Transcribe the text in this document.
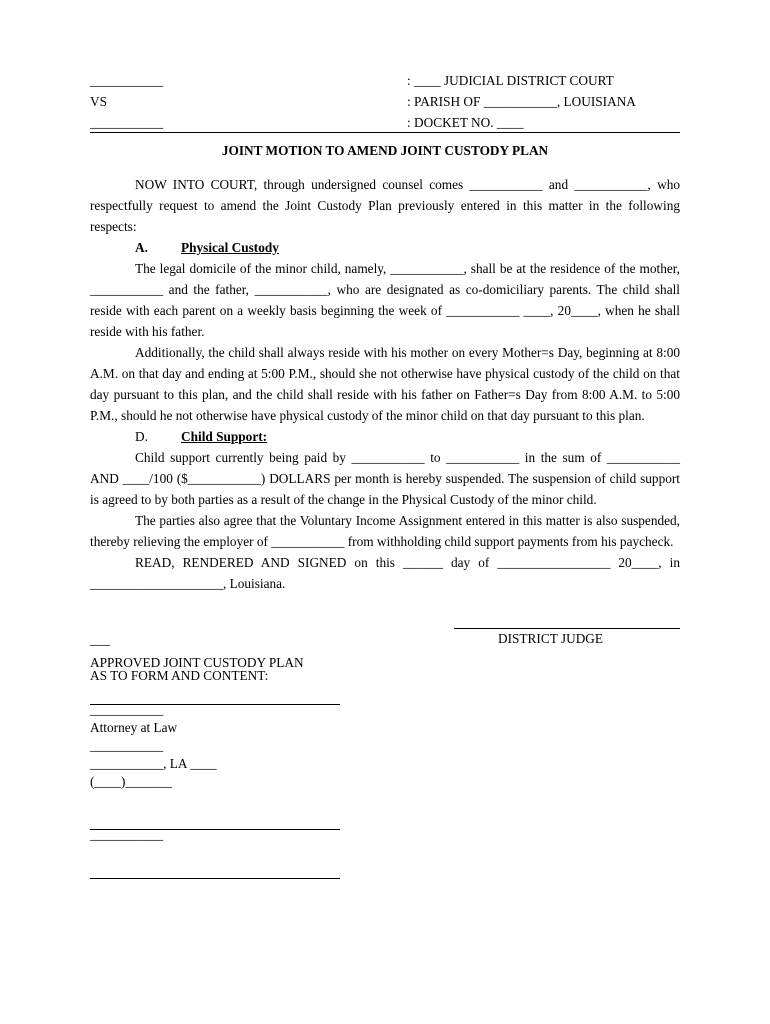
___________
VS
___________
: ____ JUDICIAL DISTRICT COURT
: PARISH OF ___________, LOUISIANA
: DOCKET NO. ____
JOINT MOTION TO AMEND JOINT CUSTODY PLAN

NOW INTO COURT, through undersigned counsel comes ___________ and ___________, who respectfully request to amend the Joint Custody Plan previously entered in this matter in the following respects:

A. Physical Custody

The legal domicile of the minor child, namely, ___________, shall be at the residence of the mother, ___________ and the father, ___________, who are designated as co-domiciliary parents. The child shall reside with each parent on a weekly basis beginning the week of ___________ ____, 20____, when he shall reside with his father.

Additionally, the child shall always reside with his mother on every Mother=s Day, beginning at 8:00 A.M. on that day and ending at 5:00 P.M., should she not otherwise have physical custody of the child on that day pursuant to this plan, and the child shall reside with his father on Father=s Day from 8:00 A.M. to 5:00 P.M., should he not otherwise have physical custody of the minor child on that day pursuant to this plan.

D. Child Support:

Child support currently being paid by ___________ to ___________ in the sum of ___________ AND ____/100 ($___________) DOLLARS per month is hereby suspended. The suspension of child support is agreed to by both parties as a result of the change in the Physical Custody of the minor child.

The parties also agree that the Voluntary Income Assignment entered in this matter is also suspended, thereby relieving the employer of ___________ from withholding child support payments from his paycheck.

READ, RENDERED AND SIGNED on this ______ day of _________________ 20____, in ____________________, Louisiana.

___	DISTRICT JUDGE
APPROVED JOINT CUSTODY PLAN
AS TO FORM AND CONTENT:
___________
Attorney at Law
___________
___________, LA ____
(____)_______
___________
